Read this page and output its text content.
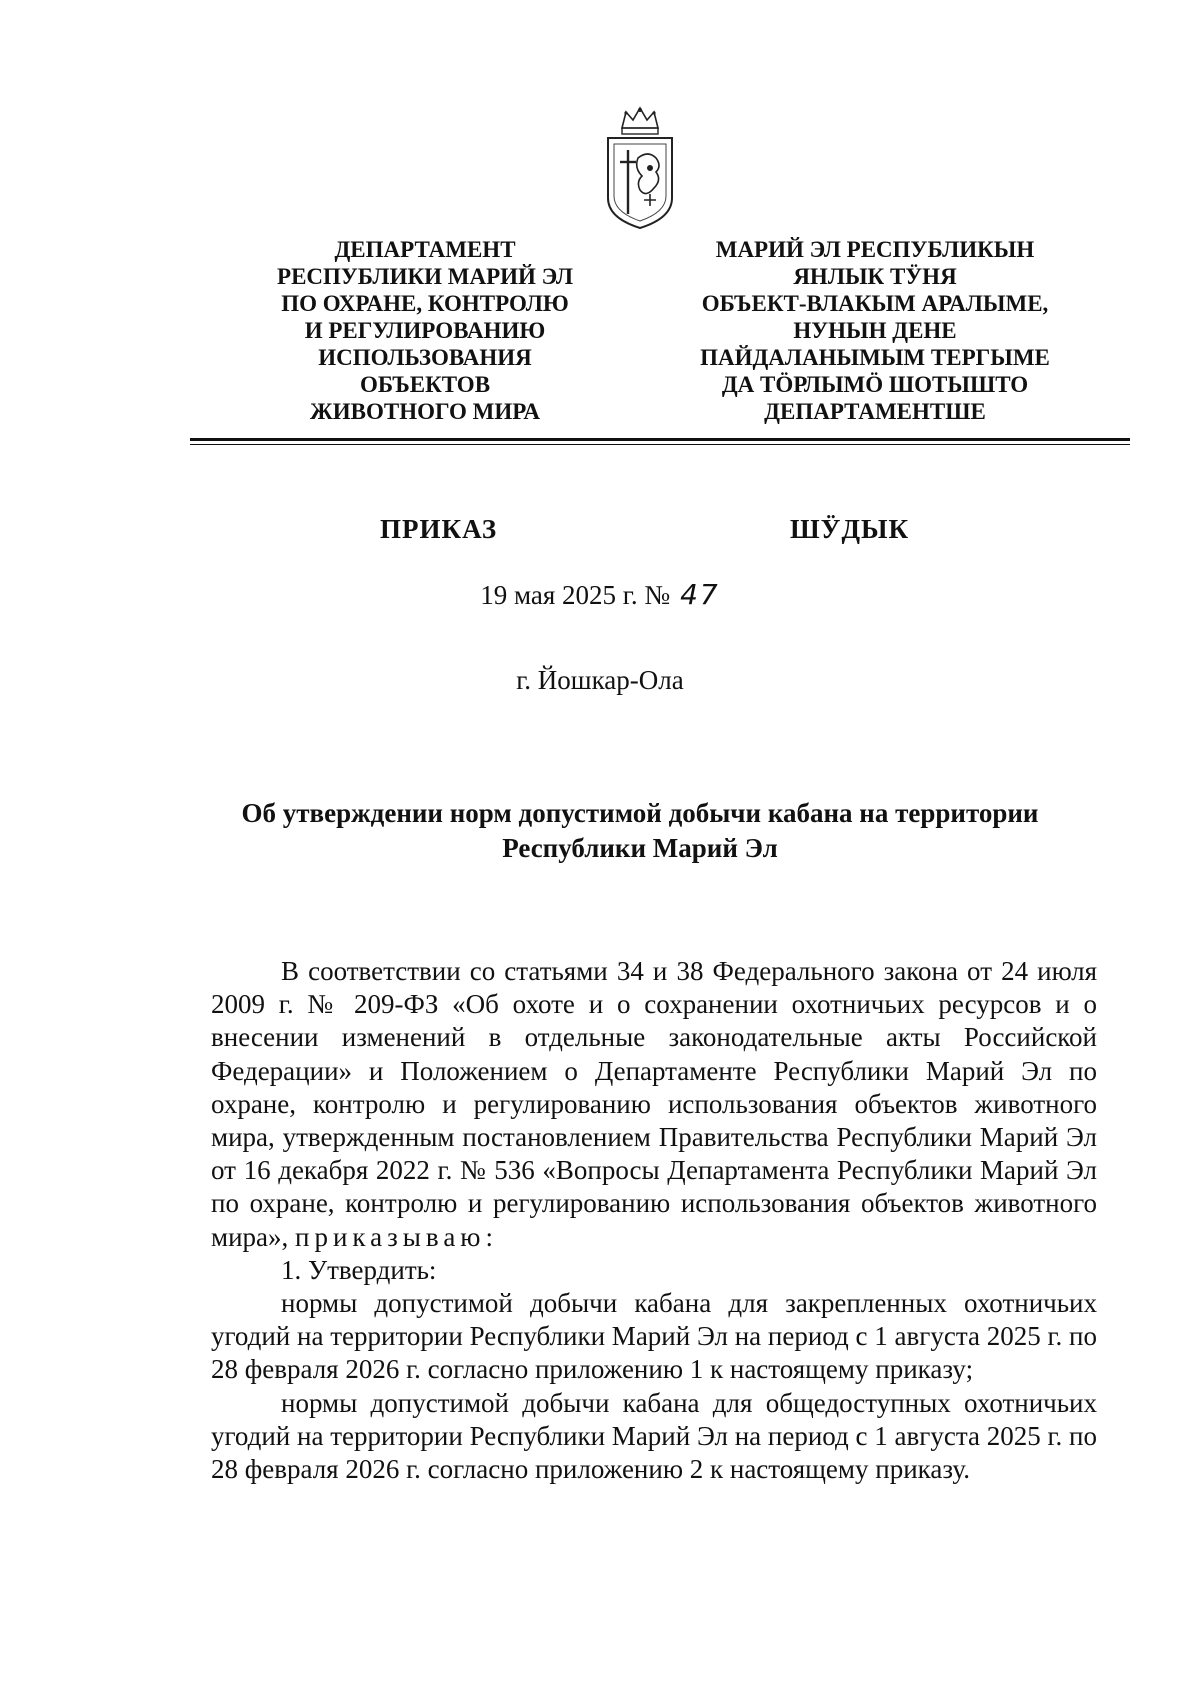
ДЕПАРТАМЕНТ
РЕСПУБЛИКИ МАРИЙ ЭЛ
ПО ОХРАНЕ, КОНТРОЛЮ
И РЕГУЛИРОВАНИЮ
ИСПОЛЬЗОВАНИЯ
ОБЪЕКТОВ
ЖИВОТНОГО МИРА
МАРИЙ ЭЛ РЕСПУБЛИКЫН
ЯНЛЫК ТӰНЯ
ОБЪЕКТ-ВЛАКЫМ АРАЛЫМЕ,
НУНЫН ДЕНЕ
ПАЙДАЛАНЫМЫМ ТЕРГЫМЕ
ДА ТӦРЛЫМӦ ШОТЫШТО
ДЕПАРТАМЕНТШЕ
ПРИКАЗ	ШӰДЫК
19 мая 2025 г. № 47
г. Йошкар-Ола
Об утверждении норм допустимой добычи кабана на территории
Республики Марий Эл

В соответствии со статьями 34 и 38 Федерального закона от 24 июля 2009 г. № 209-ФЗ «Об охоте и о сохранении охотничьих ресурсов и о внесении изменений в отдельные законодательные акты Российской Федерации» и Положением о Департаменте Республики Марий Эл по охране, контролю и регулированию использования объектов животного мира, утвержденным постановлением Правительства Республики Марий Эл от 16 декабря 2022 г. № 536 «Вопросы Департамента Республики Марий Эл по охране, контролю и регулированию использования объектов животного мира», приказываю:

1. Утвердить:

нормы допустимой добычи кабана для закрепленных охотничьих угодий на территории Республики Марий Эл на период с 1 августа 2025 г. по 28 февраля 2026 г. согласно приложению 1 к настоящему приказу;

нормы допустимой добычи кабана для общедоступных охотничьих угодий на территории Республики Марий Эл на период с 1 августа 2025 г. по 28 февраля 2026 г. согласно приложению 2 к настоящему приказу.
